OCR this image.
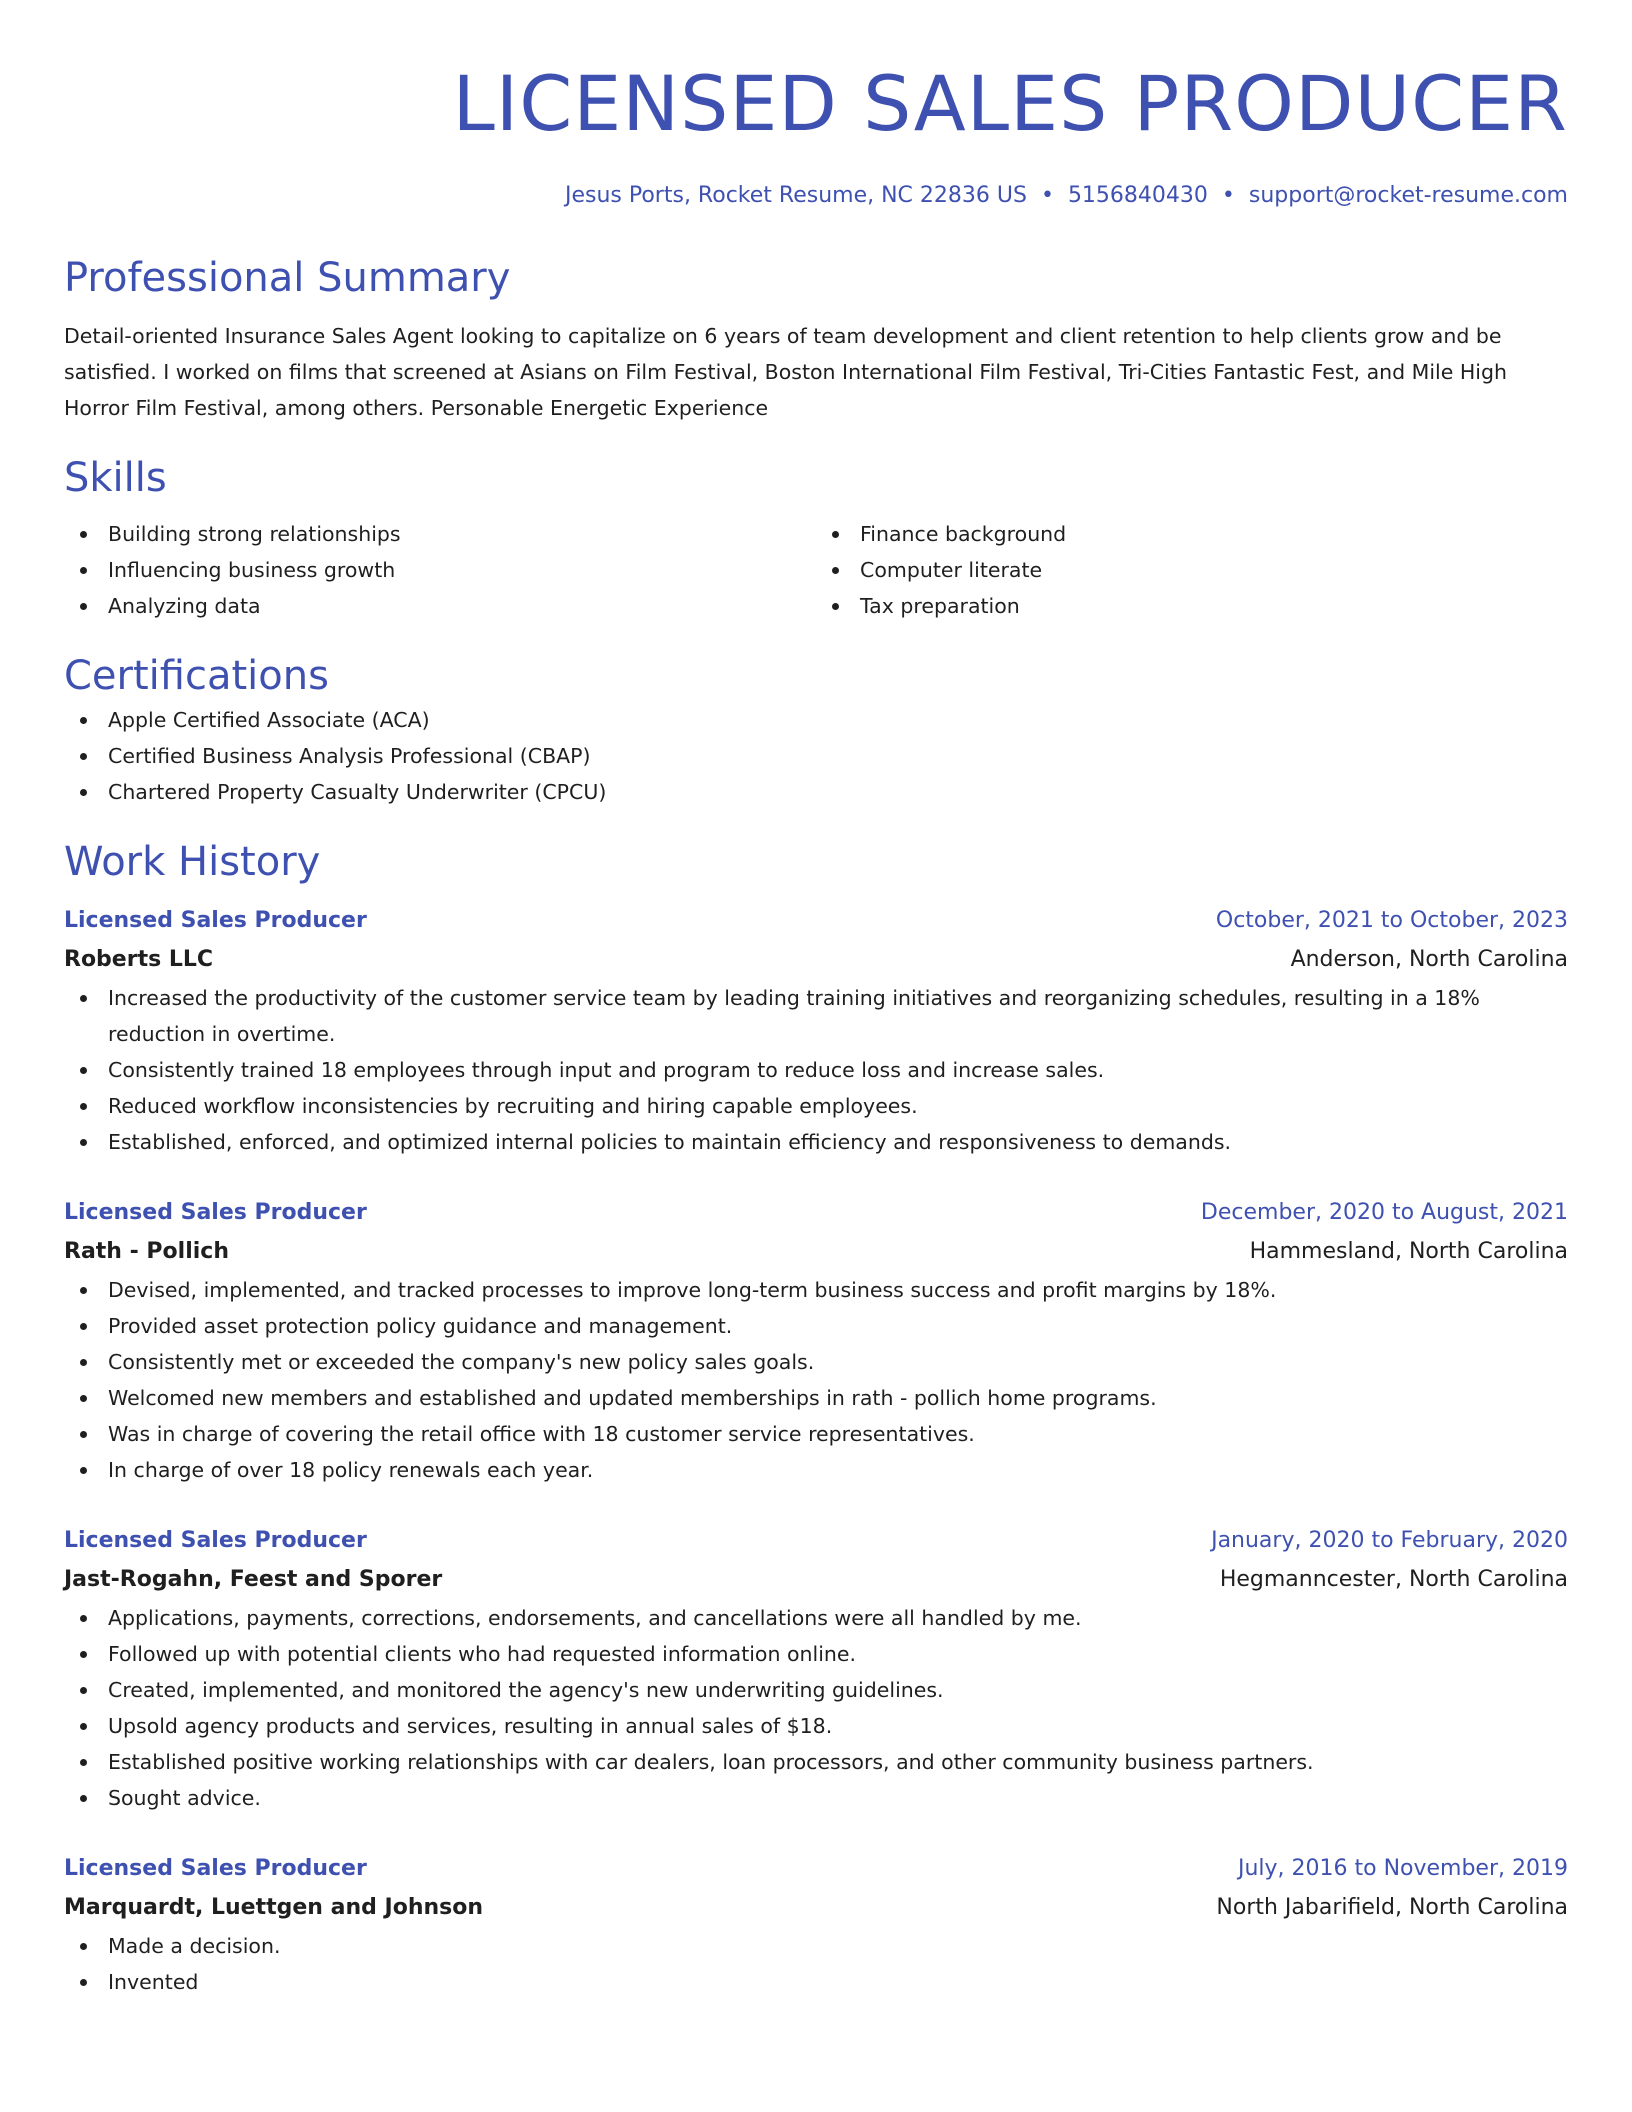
LICENSED SALES PRODUCER
Jesus Ports, Rocket Resume, NC 22836 US • 5156840430 • support@rocket-resume.com
Professional Summary
Detail-oriented Insurance Sales Agent looking to capitalize on 6 years of team development and client retention to help clients grow and be satisfied. I worked on films that screened at Asians on Film Festival, Boston International Film Festival, Tri-Cities Fantastic Fest, and Mile High Horror Film Festival, among others. Personable Energetic Experience
Skills
Building strong relationships
Influencing business growth
Analyzing data
Finance background
Computer literate
Tax preparation
Certifications
Apple Certified Associate (ACA)
Certified Business Analysis Professional (CBAP)
Chartered Property Casualty Underwriter (CPCU)
Work History
Licensed Sales Producer	October, 2021 to October, 2023
Roberts LLC	Anderson, North Carolina
Increased the productivity of the customer service team by leading training initiatives and reorganizing schedules, resulting in a 18% reduction in overtime.
Consistently trained 18 employees through input and program to reduce loss and increase sales.
Reduced workflow inconsistencies by recruiting and hiring capable employees.
Established, enforced, and optimized internal policies to maintain efficiency and responsiveness to demands.
Licensed Sales Producer	December, 2020 to August, 2021
Rath - Pollich	Hammesland, North Carolina
Devised, implemented, and tracked processes to improve long-term business success and profit margins by 18%.
Provided asset protection policy guidance and management.
Consistently met or exceeded the company's new policy sales goals.
Welcomed new members and established and updated memberships in rath - pollich home programs.
Was in charge of covering the retail office with 18 customer service representatives.
In charge of over 18 policy renewals each year.
Licensed Sales Producer	January, 2020 to February, 2020
Jast-Rogahn, Feest and Sporer	Hegmanncester, North Carolina
Applications, payments, corrections, endorsements, and cancellations were all handled by me.
Followed up with potential clients who had requested information online.
Created, implemented, and monitored the agency's new underwriting guidelines.
Upsold agency products and services, resulting in annual sales of $18.
Established positive working relationships with car dealers, loan processors, and other community business partners.
Sought advice.
Licensed Sales Producer	July, 2016 to November, 2019
Marquardt, Luettgen and Johnson	North Jabarifield, North Carolina
Made a decision.
Invented
